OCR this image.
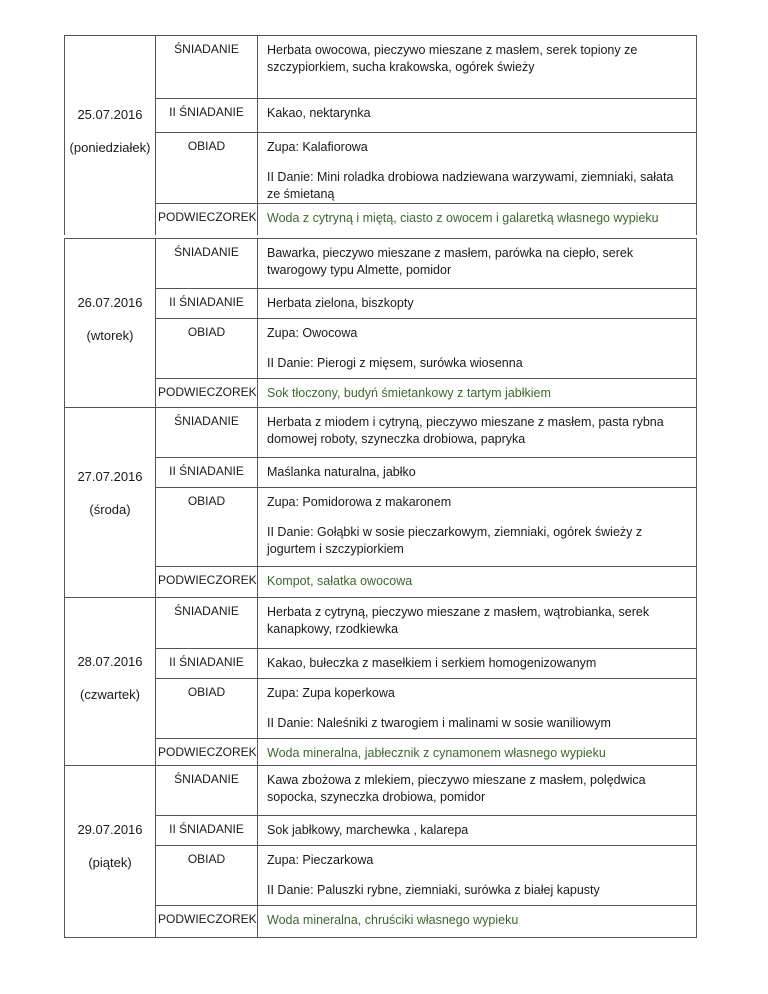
25.07.2016
(poniedziałek)
ŚNIADANIE	Herbata owocowa, pieczywo mieszane z masłem, serek topiony ze szczypiorkiem, sucha krakowska, ogórek świeży
II ŚNIADANIE	Kakao, nektarynka
OBIAD	Zupa: Kalafiorowa
II Danie: Mini roladka drobiowa nadziewana warzywami, ziemniaki, sałata ze śmietaną
PODWIECZOREK Woda z cytryną i miętą, ciasto z owocem i galaretką własnego wypieku
26.07.2016
(wtorek)
ŚNIADANIE	Bawarka, pieczywo mieszane z masłem, parówka na ciepło, serek twarogowy typu Almette, pomidor
II ŚNIADANIE	Herbata zielona, biszkopty
OBIAD	Zupa: Owocowa
II Danie: Pierogi z mięsem, surówka wiosenna
PODWIECZOREK Sok tłoczony, budyń śmietankowy z tartym jabłkiem
27.07.2016
(środa)
ŚNIADANIE	Herbata z miodem i cytryną, pieczywo mieszane z masłem, pasta rybna domowej roboty, szyneczka drobiowa, papryka
II ŚNIADANIE	Maślanka naturalna, jabłko
OBIAD	Zupa: Pomidorowa z makaronem
II Danie: Gołąbki w sosie pieczarkowym, ziemniaki, ogórek świeży z jogurtem i szczypiorkiem
PODWIECZOREK Kompot, sałatka owocowa
28.07.2016
(czwartek)
ŚNIADANIE	Herbata z cytryną, pieczywo mieszane z masłem, wątrobianka, serek kanapkowy, rzodkiewka
II ŚNIADANIE	Kakao, bułeczka z masełkiem i serkiem homogenizowanym
OBIAD	Zupa: Zupa koperkowa
II Danie: Naleśniki z twarogiem i malinami w sosie waniliowym
PODWIECZOREK Woda mineralna, jabłecznik z cynamonem własnego wypieku
29.07.2016
(piątek)
ŚNIADANIE	Kawa zbożowa z mlekiem, pieczywo mieszane z masłem, polędwica sopocka, szyneczka drobiowa, pomidor
II ŚNIADANIE	Sok jabłkowy, marchewka , kalarepa
OBIAD	Zupa: Pieczarkowa
II Danie: Paluszki rybne, ziemniaki, surówka z białej kapusty
PODWIECZOREK Woda mineralna, chruściki własnego wypieku
